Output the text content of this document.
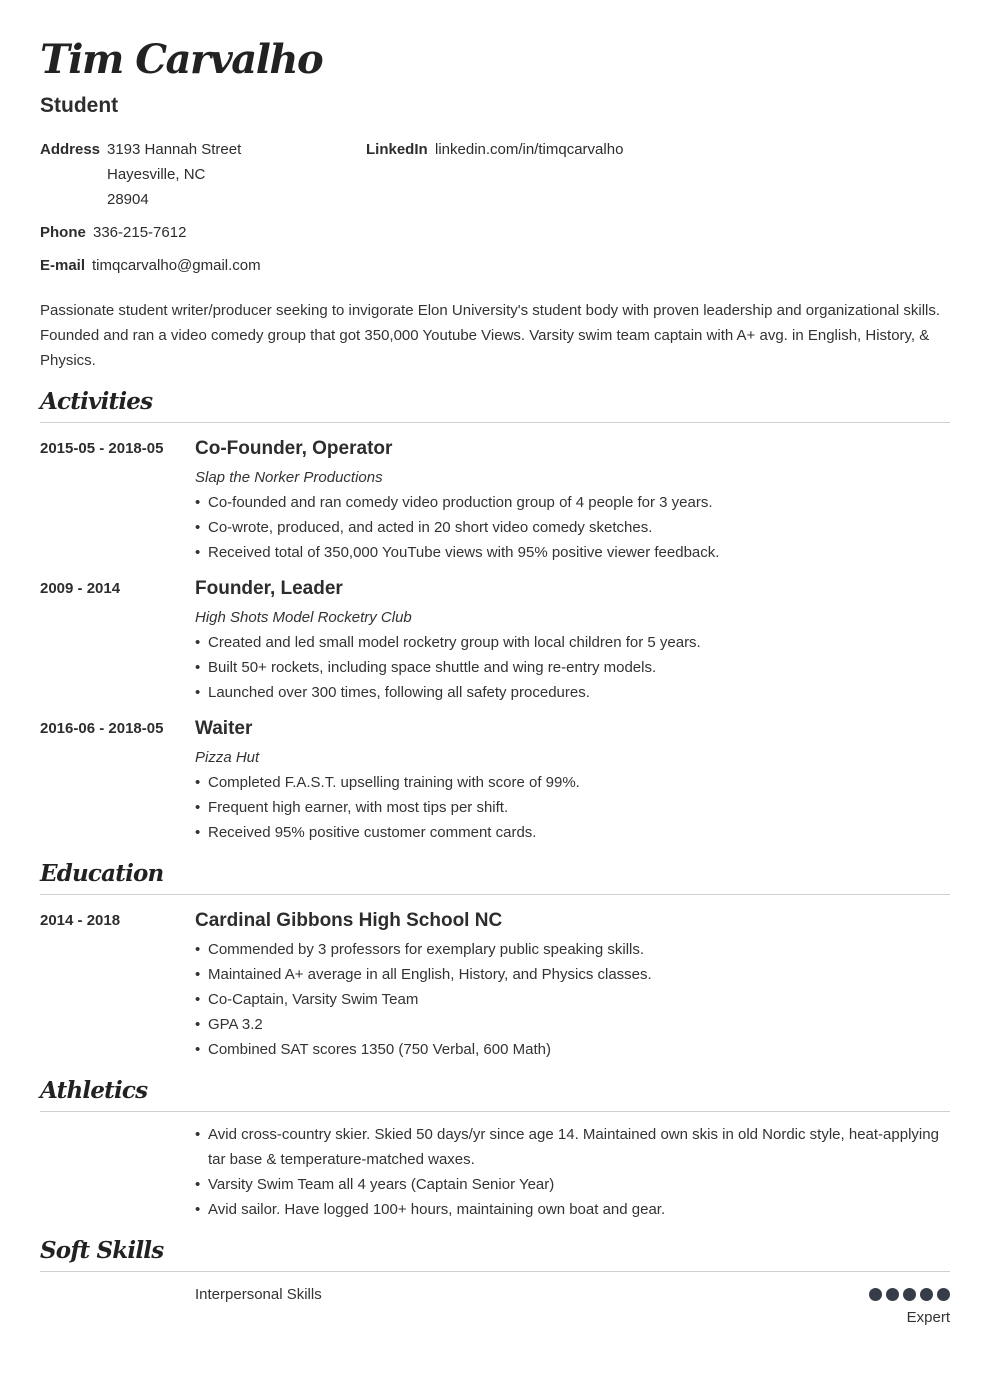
Tim Carvalho
Student
Address 3193 Hannah Street
Hayesville, NC
28904
LinkedIn linkedin.com/in/timqcarvalho
Phone 336-215-7612
E-mail timqcarvalho@gmail.com
Passionate student writer/producer seeking to invigorate Elon University's student body with proven leadership and organizational skills. Founded and ran a video comedy group that got 350,000 Youtube Views. Varsity swim team captain with A+ avg. in English, History, & Physics.
Activities
2015-05 - 2018-05 Co-Founder, Operator
Slap the Norker Productions
• Co-founded and ran comedy video production group of 4 people for 3 years.
• Co-wrote, produced, and acted in 20 short video comedy sketches.
• Received total of 350,000 YouTube views with 95% positive viewer feedback.
2009 - 2014	Founder, Leader
High Shots Model Rocketry Club
• Created and led small model rocketry group with local children for 5 years.
• Built 50+ rockets, including space shuttle and wing re-entry models.
• Launched over 300 times, following all safety procedures.
2016-06 - 2018-05 Waiter
Pizza Hut
• Completed F.A.S.T. upselling training with score of 99%.
• Frequent high earner, with most tips per shift.
• Received 95% positive customer comment cards.
Education
2014 - 2018	Cardinal Gibbons High School NC
• Commended by 3 professors for exemplary public speaking skills.
• Maintained A+ average in all English, History, and Physics classes.
• Co-Captain, Varsity Swim Team
• GPA 3.2
• Combined SAT scores 1350 (750 Verbal, 600 Math)
Athletics
• Avid cross-country skier. Skied 50 days/yr since age 14. Maintained own skis in old Nordic style, heat-applying tar base & temperature-matched waxes.
• Varsity Swim Team all 4 years (Captain Senior Year)
• Avid sailor. Have logged 100+ hours, maintaining own boat and gear.
Soft Skills
Interpersonal Skills
Expert
